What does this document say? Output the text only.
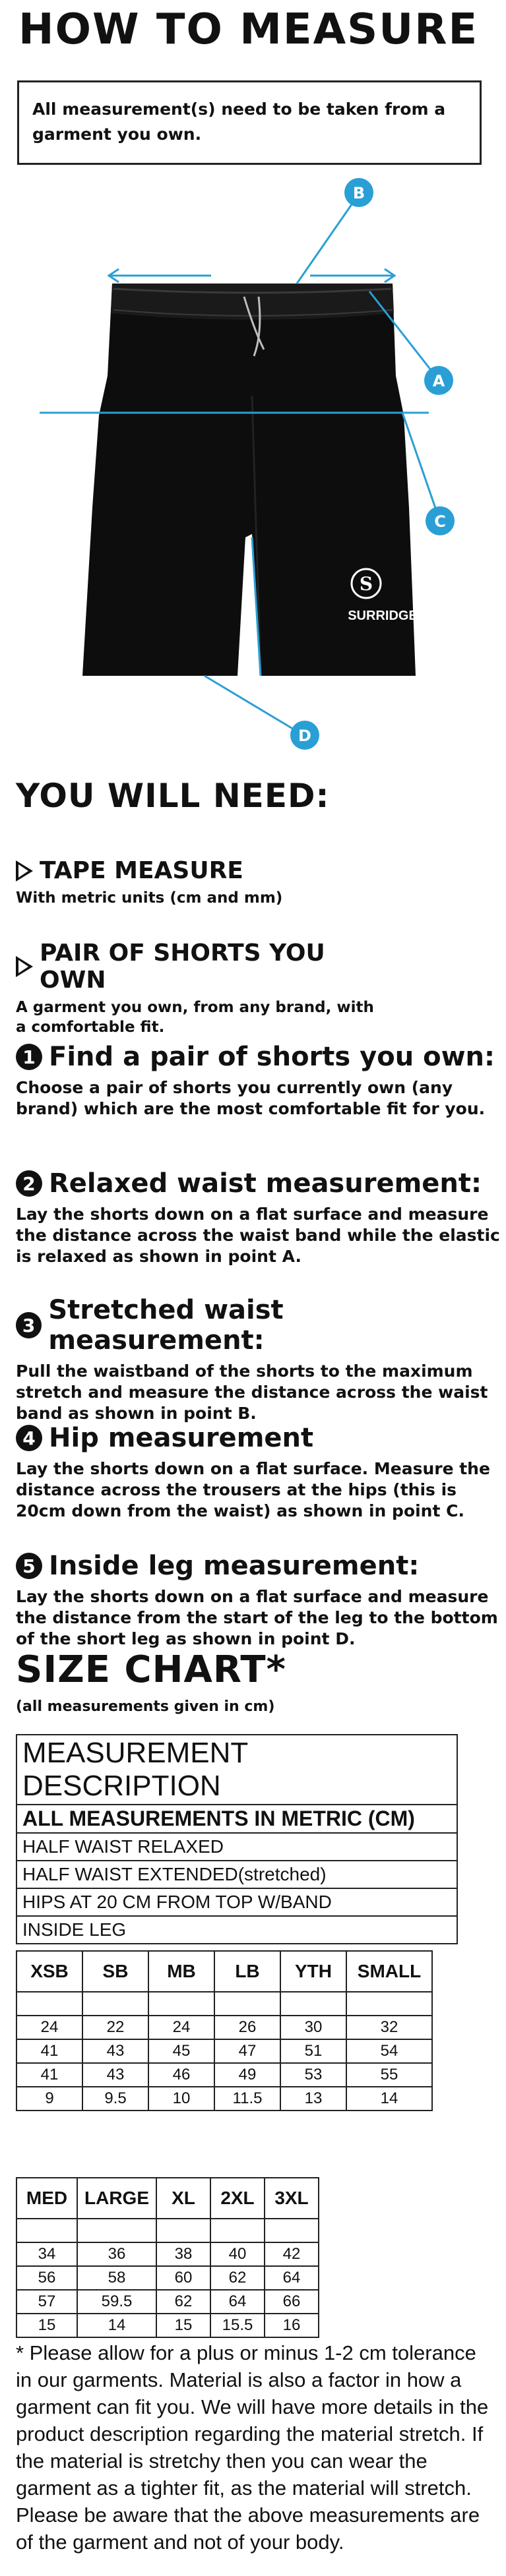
HOW TO MEASURE
All measurement(s) need to be taken from a garment you own.
S
SURRIDGE
B
A
C
D
YOU WILL NEED:
TAPE MEASURE
With metric units (cm and mm)
PAIR OF SHORTS YOU OWN
A garment you own, from any brand, with a comfortable fit.
1 Find a pair of shorts you own:
Choose a pair of shorts you currently own (any brand) which are the most comfortable fit for you.
2 Relaxed waist measurement:
Lay the shorts down on a flat surface and measure the distance across the waist band while the elastic is relaxed as shown in point A.
3 Stretched waist measurement:
Pull the waistband of the shorts to the maximum stretch and measure the distance across the waist band as shown in point B.
4 Hip measurement
Lay the shorts down on a flat surface. Measure the distance across the trousers at the hips (this is 20cm down from the waist) as shown in point C.
5 Inside leg measurement:
Lay the shorts down on a flat surface and measure the distance from the start of the leg to the bottom of the short leg as shown in point D.
SIZE CHART*
(all measurements given in cm)
MEASUREMENT DESCRIPTION
ALL MEASUREMENTS IN METRIC (CM)
HALF WAIST RELAXED
HALF WAIST EXTENDED(stretched)
HIPS AT 20 CM FROM TOP W/BAND
INSIDE LEG
XSB	SB	MB	LB	YTH	SMALL

24	22	24	26	30	32
41	43	45	47	51	54
41	43	46	49	53	55
9	9.5	10	11.5	13	14
MED	LARGE	XL	2XL	3XL

34	36	38	40	42
56	58	60	62	64
57	59.5	62	64	66
15	14	15	15.5	16
* Please allow for a plus or minus 1-2 cm tolerance in our garments. Material is also a factor in how a garment can fit you. We will have more details in the product description regarding the material stretch. If the material is stretchy then you can wear the garment as a tighter fit, as the material will stretch. Please be aware that the above measurements are of the garment and not of your body.
